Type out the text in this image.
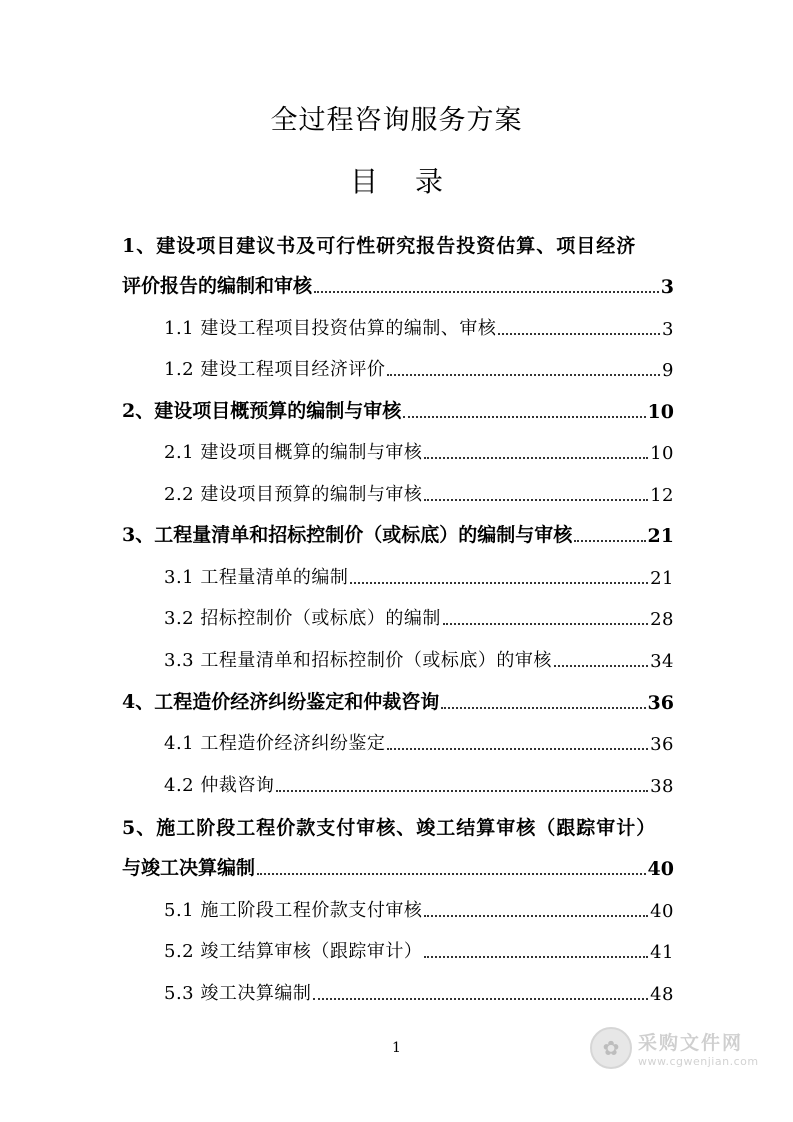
全过程咨询服务方案
目 录
1、建设项目建议书及可行性研究报告投资估算、项目经济
评价报告的编制和审核	3
1.1 建设工程项目投资估算的编制、审核	3
1.2 建设工程项目经济评价	9
2、建设项目概预算的编制与审核	10
2.1 建设项目概算的编制与审核	10
2.2 建设项目预算的编制与审核	12
3、工程量清单和招标控制价（或标底）的编制与审核	21
3.1 工程量清单的编制	21
3.2 招标控制价（或标底）的编制	28
3.3 工程量清单和招标控制价（或标底）的审核	34
4、工程造价经济纠纷鉴定和仲裁咨询	36
4.1 工程造价经济纠纷鉴定	36
4.2 仲裁咨询	38
5、施工阶段工程价款支付审核、竣工结算审核（跟踪审计）
与竣工决算编制	40
5.1 施工阶段工程价款支付审核	40
5.2 竣工结算审核（跟踪审计）	41
5.3 竣工决算编制	48
1	✿ 采购文件网
www.cgwenjian.com
